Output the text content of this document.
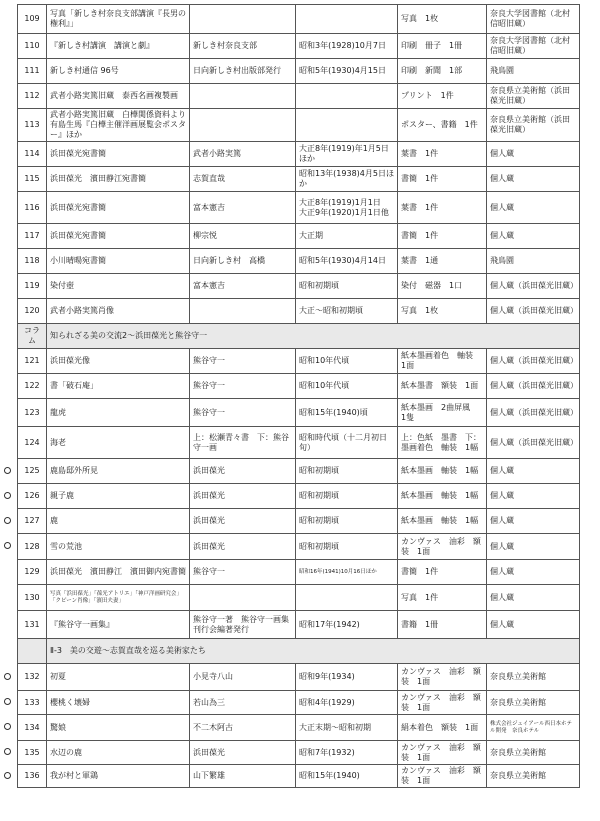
109	写真「新しき村奈良支部講演『長男の権利』」			写真　1枚	奈良大学図書館（北村信昭旧蔵）
110	『新しき村講演　講演と劇』	新しき村奈良支部	昭和3年(1928)10月7日	印刷　冊子　1冊	奈良大学図書館（北村信昭旧蔵）
111	新しき村通信 96号	日向新しき村出版部発行	昭和5年(1930)4月15日	印刷　新聞　1部	飛鳥園
112	武者小路実篤旧蔵　泰西名画複製画			プリント　1件	奈良県立美術館（浜田葆光旧蔵）
113	武者小路実篤旧蔵　白樺関係資料より　有島生馬『白樺主催洋画展覧会ポスター』ほか			ポスター、書籍　1件	奈良県立美術館（浜田葆光旧蔵）
114	浜田葆光宛書簡	武者小路実篤	大正8年(1919)年1月5日ほか	葉書　1件	個人蔵
115	浜田葆光　濱田静江宛書簡	志賀直哉	昭和13年(1938)4月5日ほか	書簡　1件	個人蔵
116	浜田葆光宛書簡	富本憲吉	大正8年(1919)1月1日　大正9年(1920)1月1日他	葉書　1件	個人蔵
117	浜田葆光宛書簡	柳宗悦	大正期	書簡　1件	個人蔵
118	小川晴暘宛書簡	日向新しき村　高橋	昭和5年(1930)4月14日	葉書　1通	飛鳥園
119	染付壺	富本憲吉	昭和初期頃	染付　磁器　1口	個人蔵（浜田葆光旧蔵）
120	武者小路実篤肖像		大正〜昭和初期頃	写真　1枚	個人蔵（浜田葆光旧蔵）
コラム	知られざる美の交流2〜浜田葆光と熊谷守一				
121	浜田葆光像	熊谷守一	昭和10年代頃	紙本墨画着色　軸装　1面	個人蔵（浜田葆光旧蔵）
122	書「破石庵」	熊谷守一	昭和10年代頃	紙本墨書　額装　1面	個人蔵（浜田葆光旧蔵）
123	龍虎	熊谷守一	昭和15年(1940)頃	紙本墨画　2曲屏風　1隻	個人蔵（浜田葆光旧蔵）
124	海老	上：松瀬青々書　下：熊谷守一画	昭和時代頃（十二月初日旬）	上：色紙　墨書　下：墨画着色　軸装　1幅	個人蔵（浜田葆光旧蔵）
125	鹿島邸外所見	浜田葆光	昭和初期頃	紙本墨画　軸装　1幅	個人蔵
126	親子鹿	浜田葆光	昭和初期頃	紙本墨画　軸装　1幅	個人蔵
127	鹿	浜田葆光	昭和初期頃	紙本墨画　軸装　1幅	個人蔵
128	雪の荒池	浜田葆光	昭和初期頃	カンヴァス　油彩　額装　1面	個人蔵
129	浜田葆光　濱田静江　濱田御内宛書簡	熊谷守一	昭和16年(1941)10月16日ほか	書簡　1件	個人蔵
130	写真「浜田葆光」「葆光アトリエ」「神戸洋画研究会」「クピーン肖像」「濱田夫妻」			写真　1件	個人蔵
131	『熊谷守一画集』	熊谷守一著　熊谷守一画集刊行会編著発行	昭和17年(1942)	書籍　1冊	個人蔵
	Ⅱ-3　美の交遊〜志賀直哉を巡る美術家たち				
132	初夏	小見寺八山	昭和9年(1934)	カンヴァス　油彩　額装　1面	奈良県立美術館
133	櫻桃く壊婦	若山為三	昭和4年(1929)	カンヴァス　油彩　額装　1面	奈良県立美術館
134	驚娘	不二木阿古	大正末期〜昭和初期	絹本着色　額装　1面	株式会社ジェイアール西日本ホテル開発　奈良ホテル
135	水辺の鹿	浜田葆光	昭和7年(1932)	カンヴァス　油彩　額装　1面	奈良県立美術館
136	我が村と軍鶏	山下繁雄	昭和15年(1940)	カンヴァス　油彩　額装　1面	奈良県立美術館
